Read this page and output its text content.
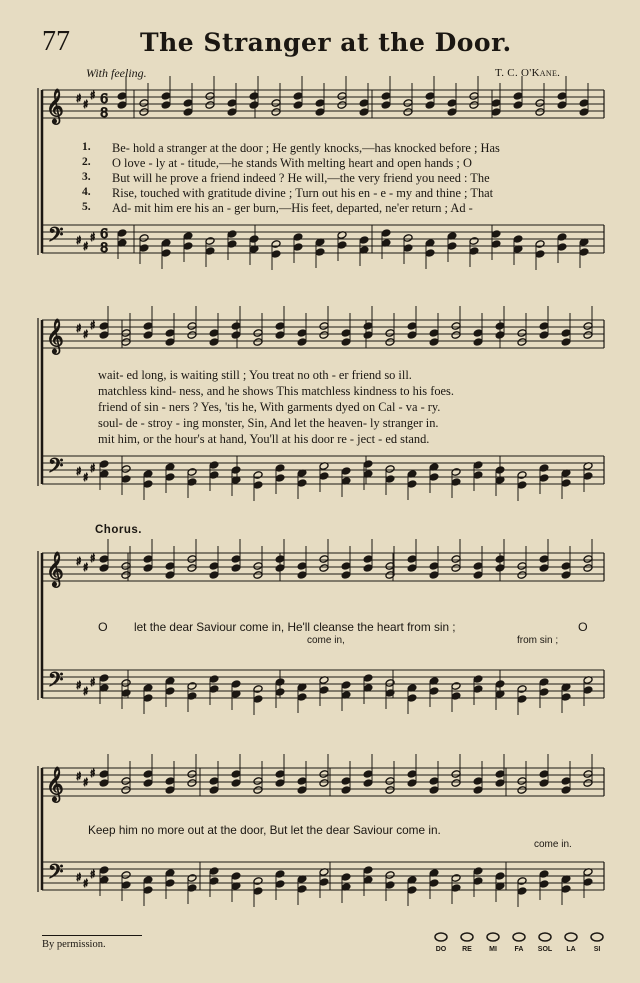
77	The Stranger at the Door.
With feeling.	T. C. O'Kane.
𝄞
𝄢
♯ ♯
♯
♯ ♯
♯
6
8
6
8
𝄞
𝄢
♯ ♯
♯
♯ ♯
♯
𝄞
𝄢
♯ ♯
♯
♯ ♯
♯
𝄞
𝄢
♯ ♯
♯
♯ ♯
♯
1. Be- hold a stranger at the door ; He gently knocks,—has knocked before ; Has
2. O love - ly at - titude,—he stands With melting heart and open hands ; O
3. But will he prove a friend indeed ? He will,—the very friend you need : The
4. Rise, touched with gratitude divine ; Turn out his en - e - my and thine ; That
5. Ad- mit him ere his an - ger burn,—His feet, departed, ne'er return ; Ad -
wait- ed long, is waiting still ; You treat no oth - er friend so ill.
matchless kind- ness, and he shows This matchless kindness to his foes.
friend of sin - ners ? Yes, 'tis he, With garments dyed on Cal - va - ry.
soul- de - stroy - ing monster, Sin, And let the heaven- ly stranger in.
mit him, or the hour's at hand, You'll at his door re - ject - ed stand.
Chorus.
O let the dear Saviour come in, He'll cleanse the heart from sin ;	O
come in,	from sin ;
Keep him no more out at the door, But let the dear Saviour come in.
come in.
By permission.	DO	RE	MI	FA	SOL	LA	SI
